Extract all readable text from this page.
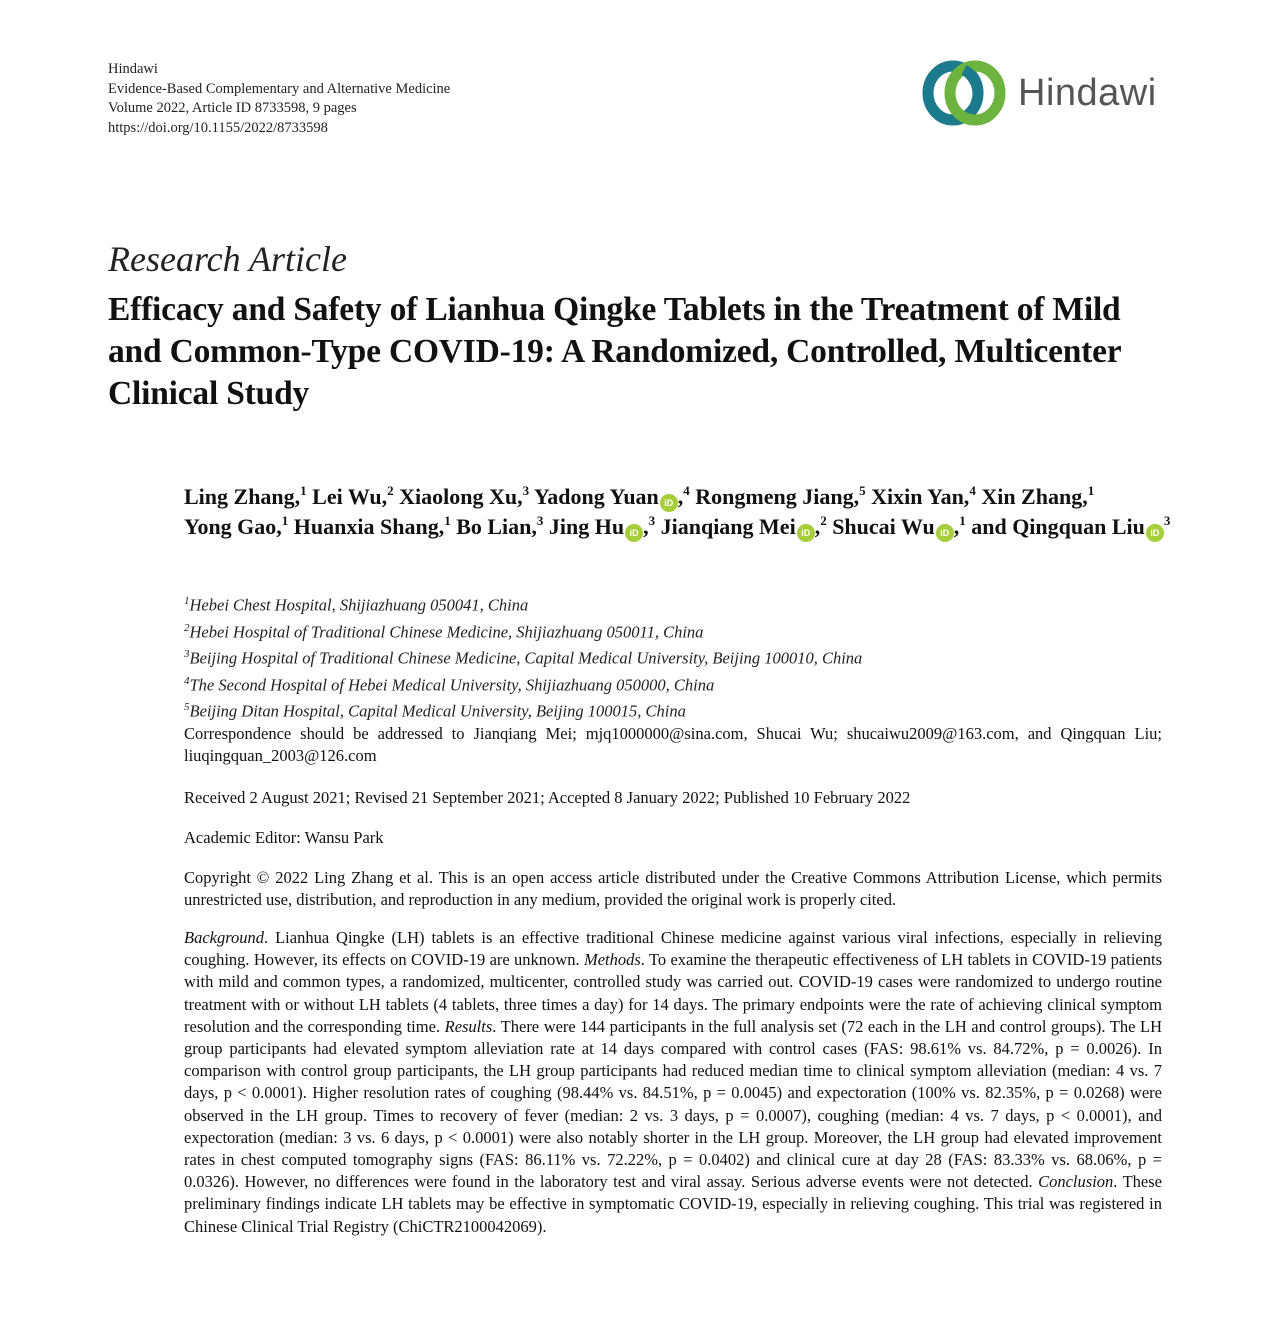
Hindawi
Evidence-Based Complementary and Alternative Medicine
Volume 2022, Article ID 8733598, 9 pages
https://doi.org/10.1155/2022/8733598
Hindawi
Research Article
Efficacy and Safety of Lianhua Qingke Tablets in the Treatment of Mild and Common-Type COVID-19: A Randomized, Controlled, Multicenter Clinical Study
Ling Zhang,$^1$ Lei Wu,$^2$ Xiaolong Xu,$^3$ Yadong Yuan iD ,$^4$ Rongmeng Jiang,$^5$ Xixin Yan,$^4$ Xin Zhang,$^1$ Yong Gao,$^1$ Huanxia Shang,$^1$ Bo Lian,$^3$ Jing Hu iD ,$^3$ Jianqiang Mei iD ,$^2$ Shucai Wu iD ,$^1$ and Qingquan Liu $iD^3$
$^1$Hebei Chest Hospital, Shijiazhuang 050041, China
$^2$Hebei Hospital of Traditional Chinese Medicine, Shijiazhuang 050011, China
$^3$Beijing Hospital of Traditional Chinese Medicine, Capital Medical University, Beijing 100010, China
$^4$The Second Hospital of Hebei Medical University, Shijiazhuang 050000, China
$^5$Beijing Ditan Hospital, Capital Medical University, Beijing 100015, China
Correspondence should be addressed to Jianqiang Mei; mjq1000000@sina.com, Shucai Wu; shucaiwu2009@163.com, and Qingquan Liu; liuqingquan_2003@126.com
Received 2 August 2021; Revised 21 September 2021; Accepted 8 January 2022; Published 10 February 2022
Academic Editor: Wansu Park
Copyright © 2022 Ling Zhang et al. This is an open access article distributed under the Creative Commons Attribution License, which permits unrestricted use, distribution, and reproduction in any medium, provided the original work is properly cited.
Background. Lianhua Qingke (LH) tablets is an effective traditional Chinese medicine against various viral infections, especially in relieving coughing. However, its effects on COVID-19 are unknown. Methods. To examine the therapeutic effectiveness of LH tablets in COVID-19 patients with mild and common types, a randomized, multicenter, controlled study was carried out. COVID-19 cases were randomized to undergo routine treatment with or without LH tablets (4 tablets, three times a day) for 14 days. The primary endpoints were the rate of achieving clinical symptom resolution and the corresponding time. Results. There were 144 participants in the full analysis set (72 each in the LH and control groups). The LH group participants had elevated symptom alleviation rate at 14 days compared with control cases (FAS: 98.61% vs. 84.72%, p = 0.0026). In comparison with control group participants, the LH group participants had reduced median time to clinical symptom alleviation (median: 4 vs. 7 days, p < 0.0001). Higher resolution rates of coughing (98.44% vs. 84.51%, p = 0.0045) and expectoration (100% vs. 82.35%, p = 0.0268) were observed in the LH group. Times to recovery of fever (median: 2 vs. 3 days, p = 0.0007), coughing (median: 4 vs. 7 days, p < 0.0001), and expectoration (median: 3 vs. 6 days, p < 0.0001) were also notably shorter in the LH group. Moreover, the LH group had elevated improvement rates in chest computed tomography signs (FAS: 86.11% vs. 72.22%, p = 0.0402) and clinical cure at day 28 (FAS: 83.33% vs. 68.06%, p = 0.0326). However, no differences were found in the laboratory test and viral assay. Serious adverse events were not detected. Conclusion. These preliminary findings indicate LH tablets may be effective in symptomatic COVID-19, especially in relieving coughing. This trial was registered in Chinese Clinical Trial Registry (ChiCTR2100042069).
